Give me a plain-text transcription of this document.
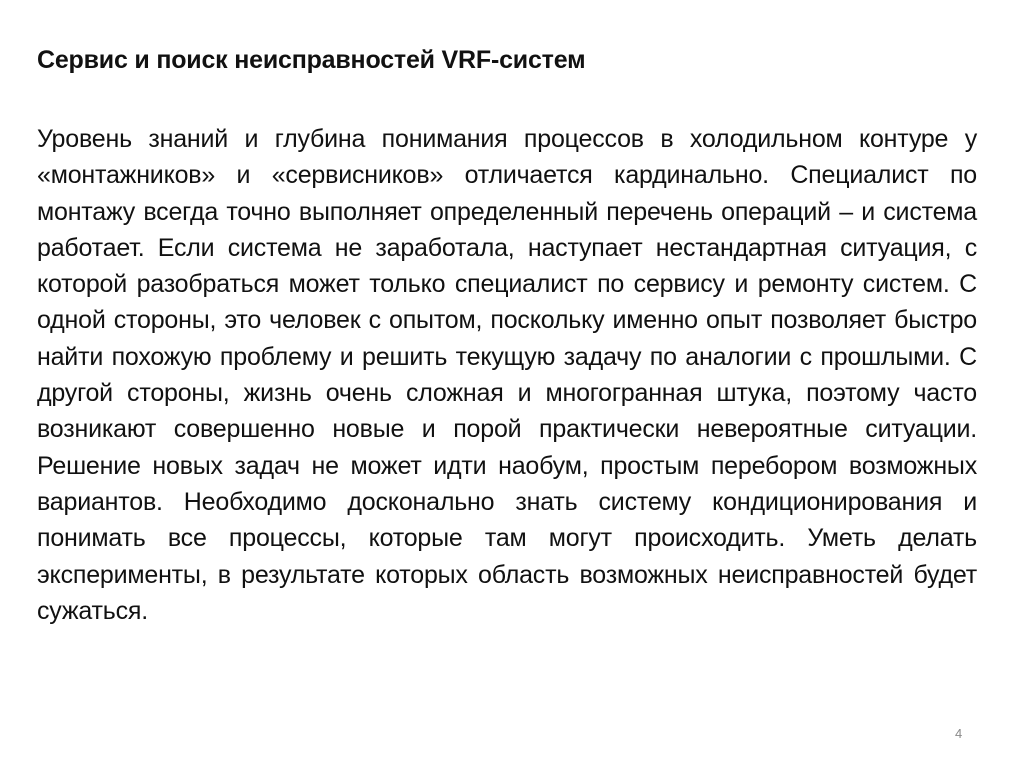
Сервис и поиск неисправностей VRF-систем

Уровень знаний и глубина понимания процессов в холодильном контуре у «монтажников» и «сервисников» отличается кардинально. Специалист по монтажу всегда точно выполняет определенный перечень операций – и система работает. Если система не заработала, наступает нестандартная ситуация, с которой разобраться может только специалист по сервису и ремонту систем. С одной стороны, это человек с опытом, поскольку именно опыт позволяет быстро найти похожую проблему и решить текущую задачу по аналогии с прошлыми. С другой стороны, жизнь очень сложная и многогранная штука, поэтому часто возникают совершенно новые и порой практически невероятные ситуации. Решение новых задач не может идти наобум, простым перебором возможных вариантов. Необходимо досконально знать систему кондиционирования и понимать все процессы, которые там могут происходить. Уметь делать эксперименты, в результате которых область возможных неисправностей будет сужаться.

4
